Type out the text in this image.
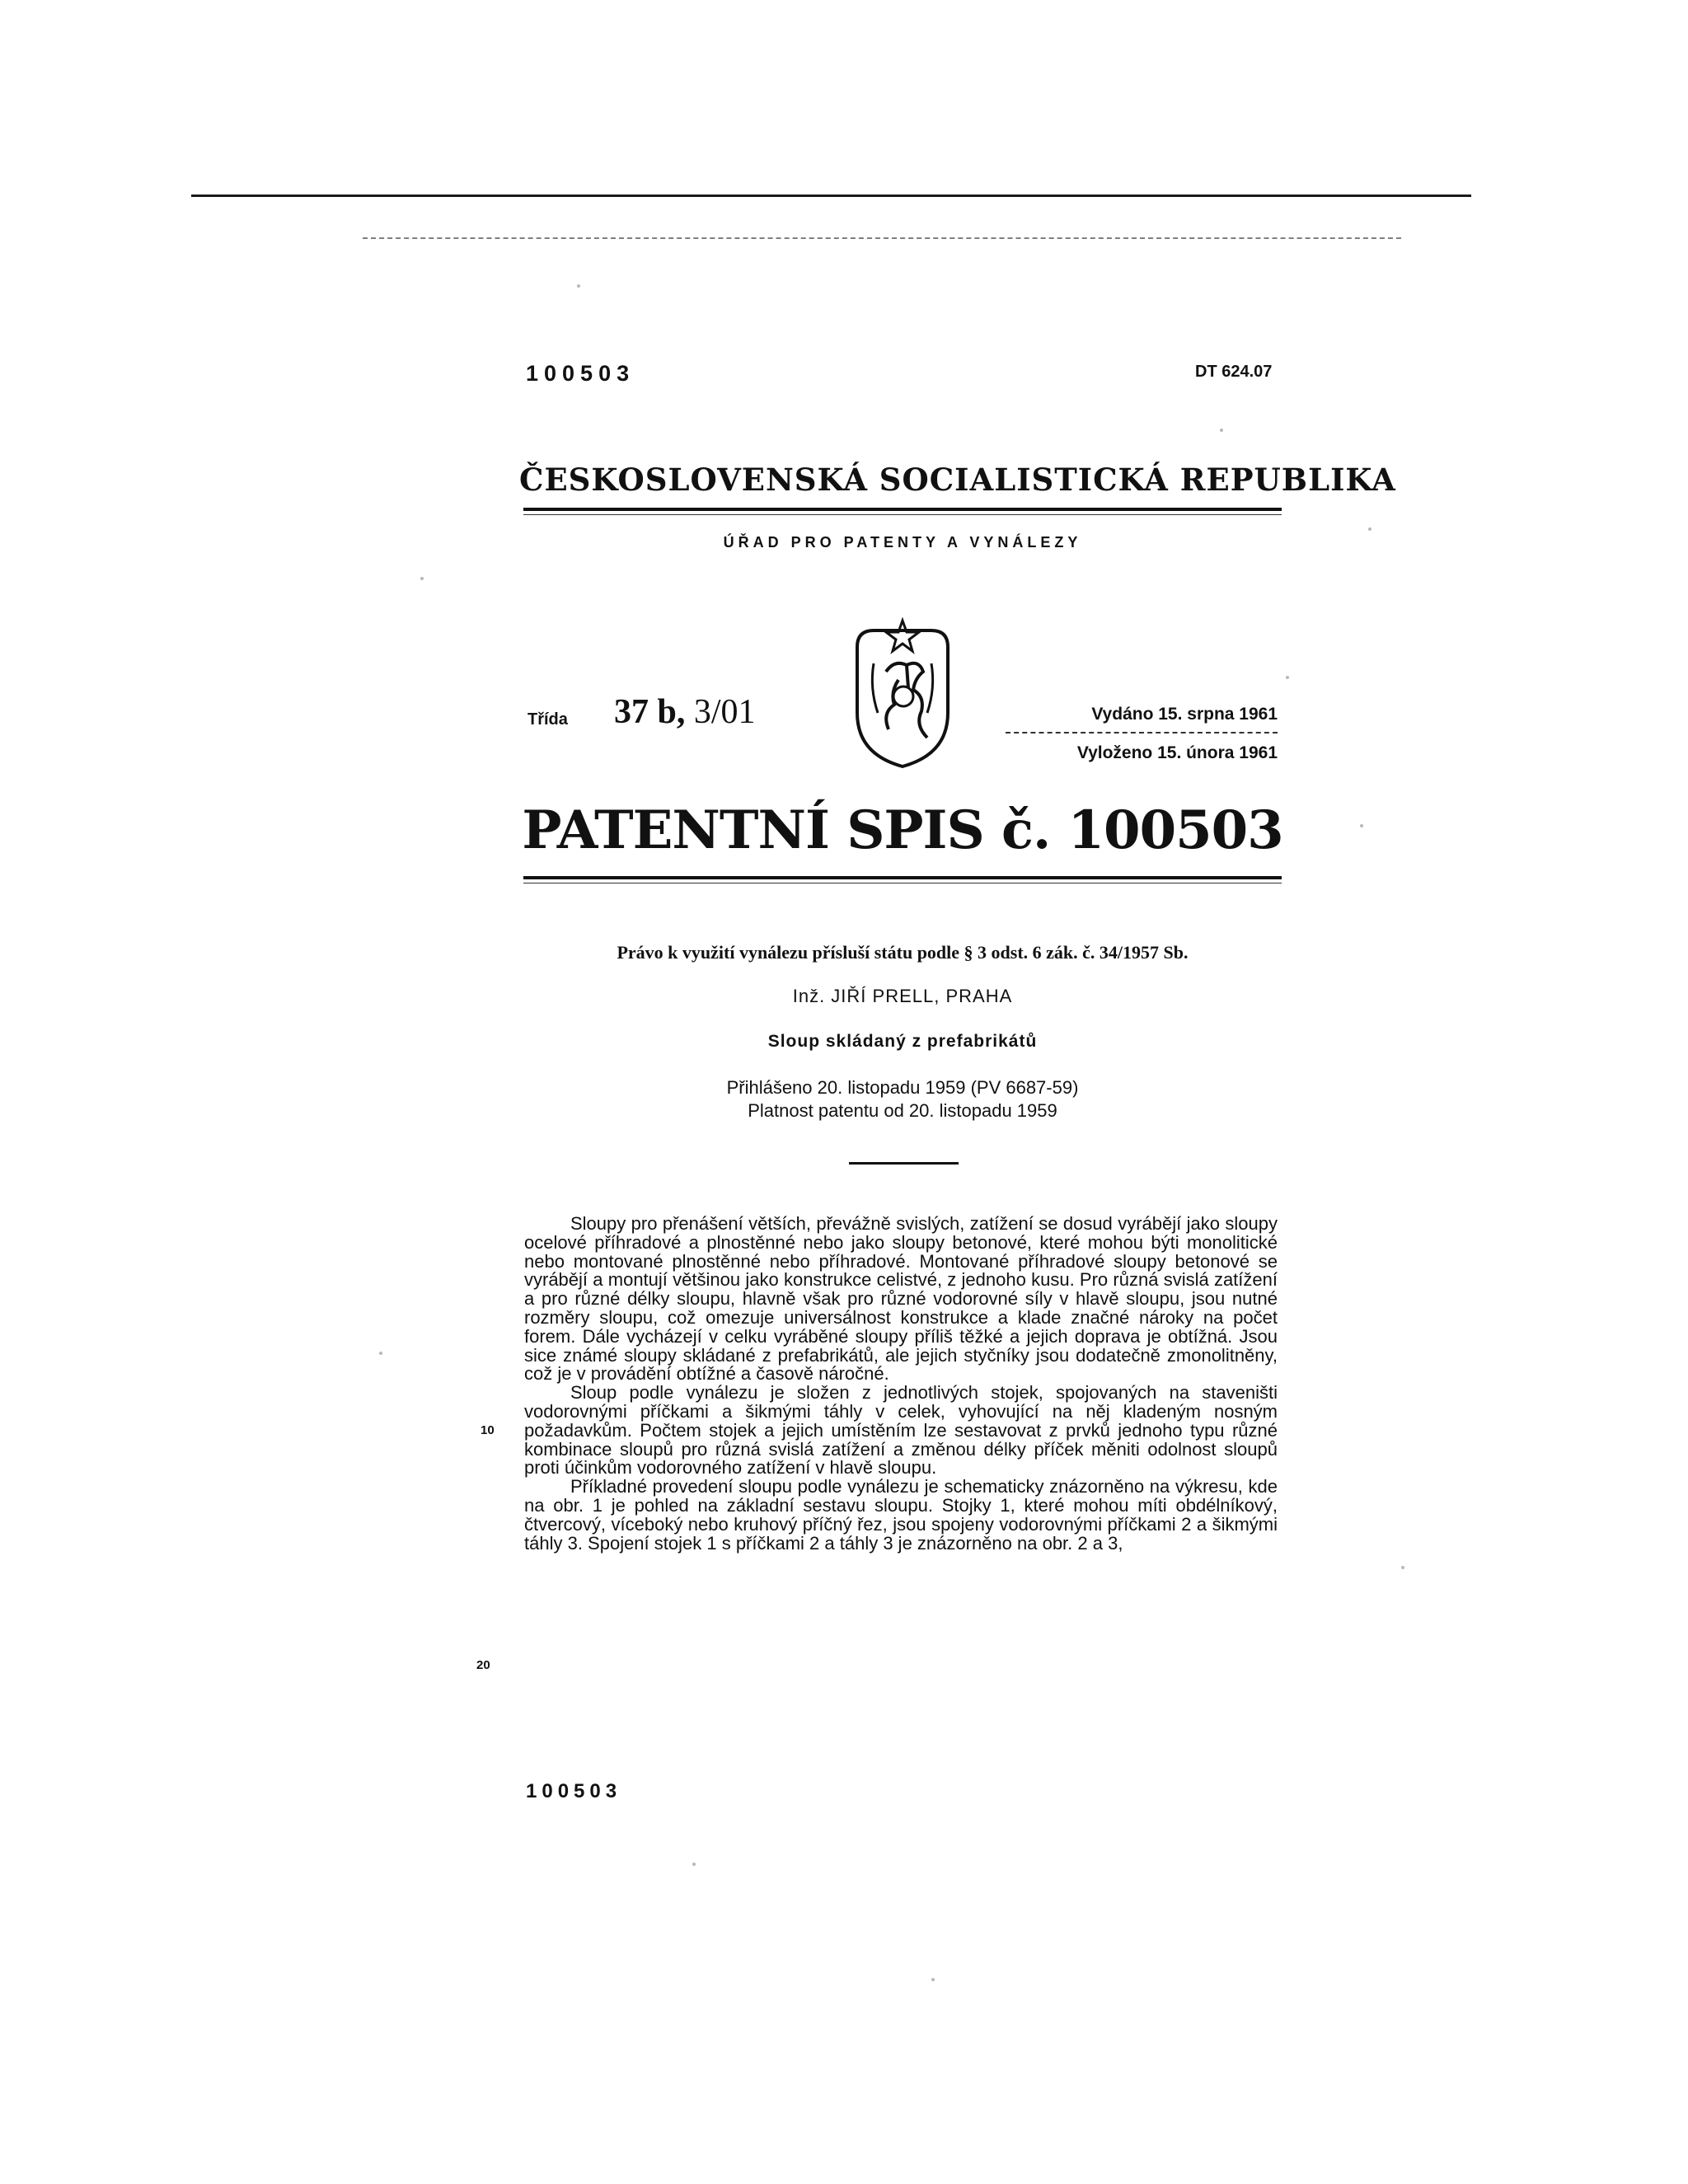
100503	DT 624.07
ČESKOSLOVENSKÁ SOCIALISTICKÁ REPUBLIKA
ÚŘAD PRO PATENTY A VYNÁLEZY
Třída 37 b, 3/01	Vydáno 15. srpna 1961
Vyloženo 15. února 1961
PATENTNÍ SPIS č. 100503
Právo k využití vynálezu přísluší státu podle § 3 odst. 6 zák. č. 34/1957 Sb.
Inž. JIŘÍ PRELL, PRAHA
Sloup skládaný z prefabrikátů
Přihlášeno 20. listopadu 1959 (PV 6687-59)
Platnost patentu od 20. listopadu 1959

Sloupy pro přenášení větších, převážně svislých, zatížení se dosud vyrábějí jako sloupy ocelové příhradové a plnostěnné nebo jako sloupy betonové, které mohou býti monolitické nebo montované plnostěnné nebo příhradové. Montované příhradové sloupy betonové se vyrábějí a montují většinou jako konstrukce celistvé, z jednoho kusu. Pro různá svislá zatížení a pro různé délky sloupu, hlavně však pro různé vodorovné síly v hlavě sloupu, jsou nutné rozměry sloupu, což omezuje universálnost konstrukce a klade značné nároky na počet forem. Dále vycházejí v celku vyráběné sloupy příliš těžké a jejich doprava je obtížná. Jsou sice známé sloupy skládané z prefabrikátů, ale jejich styčníky jsou dodatečně zmonolitněny, což je v provádění obtížné a časově náročné.

Sloup podle vynálezu je složen z jednotlivých stojek, spojovaných na staveništi vodorovnými příčkami a šikmými táhly v celek, vyhovující na něj kladeným nosným požadavkům. Počtem stojek a jejich umístěním lze sestavovat z prvků jednoho typu různé kombinace sloupů pro různá svislá zatížení a změnou délky příček měniti odolnost sloupů proti účinkům vodorovného zatížení v hlavě sloupu.

Příkladné provedení sloupu podle vynálezu je schematicky znázorněno na výkresu, kde na obr. 1 je pohled na základní sestavu sloupu. Stojky 1, které mohou míti obdélníkový, čtvercový, víceboký nebo kruhový příčný řez, jsou spojeny vodorovnými příčkami 2 a šikmými táhly 3. Spojení stojek 1 s příčkami 2 a táhly 3 je znázorněno na obr. 2 a 3,

10
20
100503
